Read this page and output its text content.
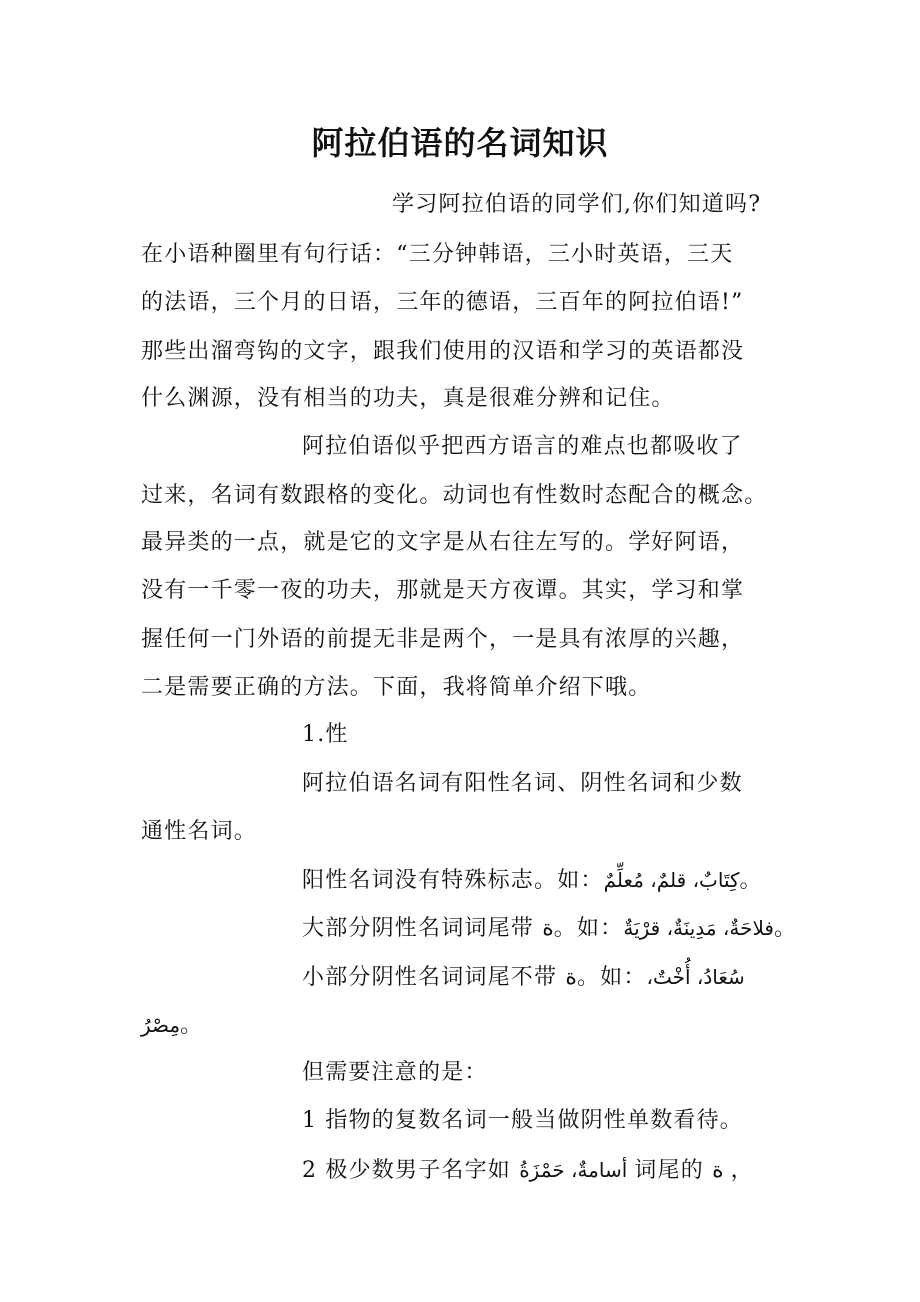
阿拉伯语的名词知识
学习阿拉伯语的同学们,你们知道吗?
在小语种圈里有句行话：“三分钟韩语，三小时英语，三天
的法语，三个月的日语，三年的德语，三百年的阿拉伯语!”
那些出溜弯钩的文字，跟我们使用的汉语和学习的英语都没
什么渊源，没有相当的功夫，真是很难分辨和记住。
阿拉伯语似乎把西方语言的难点也都吸收了
过来，名词有数跟格的变化。动词也有性数时态配合的概念。
最异类的一点，就是它的文字是从右往左写的。学好阿语，
没有一千零一夜的功夫，那就是天方夜谭。其实，学习和掌
握任何一门外语的前提无非是两个，一是具有浓厚的兴趣，
二是需要正确的方法。下面，我将简单介绍下哦。
1.性
阿拉伯语名词有阳性名词、阴性名词和少数
通性名词。
阳性名词没有特殊标志。如：كِتَابٌ، قلمٌ، مُعلِّمٌ。
大部分阴性名词词尾带 ة。如：فلاحَةٌ، مَدِينَةٌ، قرْيَةٌ。
小部分阴性名词词尾不带 ة。如：سُعَادُ، أُخْتٌ،
مِصْرُ。
但需要注意的是：
1 指物的复数名词一般当做阴性单数看待。
2 极少数男子名字如 أسامةٌ، حَمْزَةُ 词尾的 ة ，
